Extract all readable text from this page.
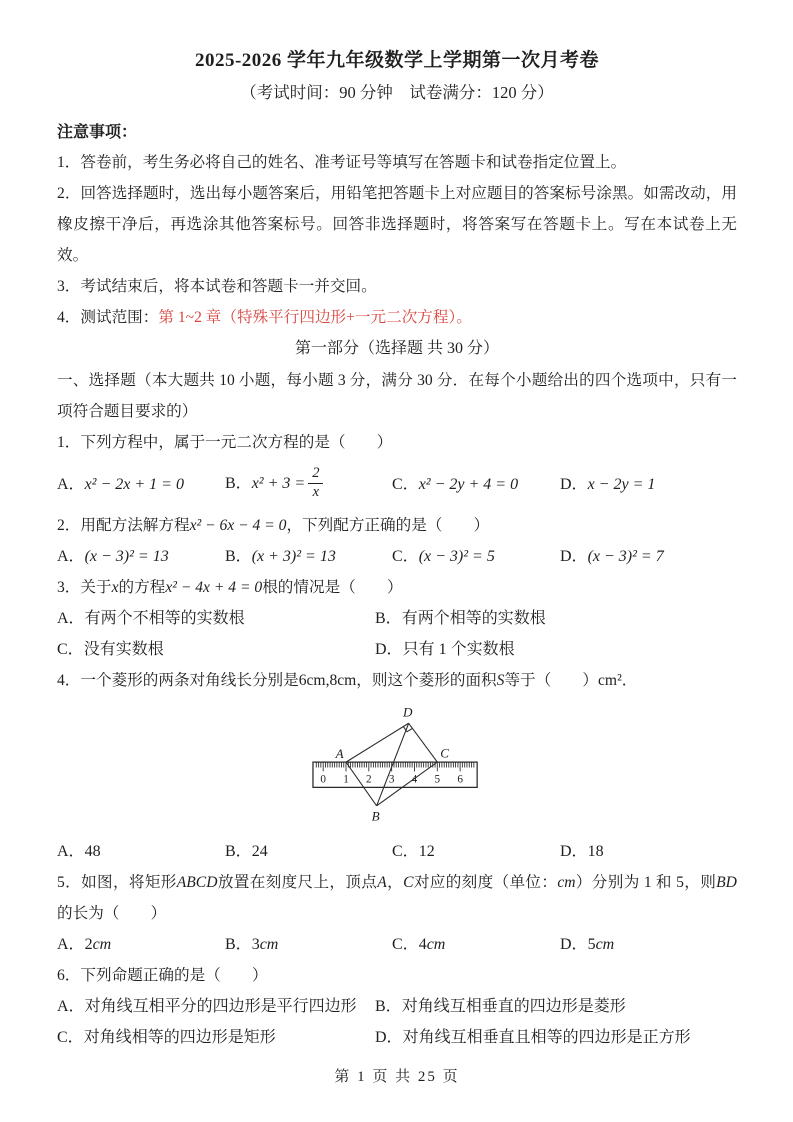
2025-2026 学年九年级数学上学期第一次月考卷

（考试时间：90 分钟　试卷满分：120 分）

注意事项：

1．答卷前，考生务必将自己的姓名、准考证号等填写在答题卡和试卷指定位置上。

2．回答选择题时，选出每小题答案后，用铅笔把答题卡上对应题目的答案标号涂黑。如需改动，用橡皮擦干净后，再选涂其他答案标号。回答非选择题时，将答案写在答题卡上。写在本试卷上无效。

3．考试结束后，将本试卷和答题卡一并交回。

4．测试范围：第 1~2 章（特殊平行四边形+一元二次方程）。

第一部分（选择题 共 30 分）

一、选择题（本大题共 10 小题，每小题 3 分，满分 30 分．在每个小题给出的四个选项中，只有一项符合题目要求的）

1．下列方程中，属于一元二次方程的是（　　）

A．x² − 2x + 1 = 0	B．$x^2 + 3 = \frac{2}{x}$	C．x² − 2y + 4 = 0	D．x − 2y = 1

2．用配方法解方程x² − 6x − 4 = 0，下列配方正确的是（　　）

A．(x − 3)² = 13	B．(x + 3)² = 13	C．(x − 3)² = 5	D．(x − 3)² = 7

3．关于x的方程x² − 4x + 4 = 0根的情况是（　　）

A．有两个不相等的实数根	B．有两个相等的实数根
C．没有实数根	D．只有 1 个实数根

4．一个菱形的两条对角线长分别是6cm,8cm，则这个菱形的面积S等于（　　）cm²．

0 1 2 3 4 5 6
A
D
C
B
A．48	B．24	C．12	D．18

5．如图，将矩形ABCD放置在刻度尺上，顶点A，C对应的刻度（单位：cm）分别为 1 和 5，则BD的长为（　　）

A．2cm	B．3cm	C．4cm	D．5cm

6．下列命题正确的是（　　）

A．对角线互相平分的四边形是平行四边形	B．对角线互相垂直的四边形是菱形
C．对角线相等的四边形是矩形	D．对角线互相垂直且相等的四边形是正方形

第 1 页 共 25 页
